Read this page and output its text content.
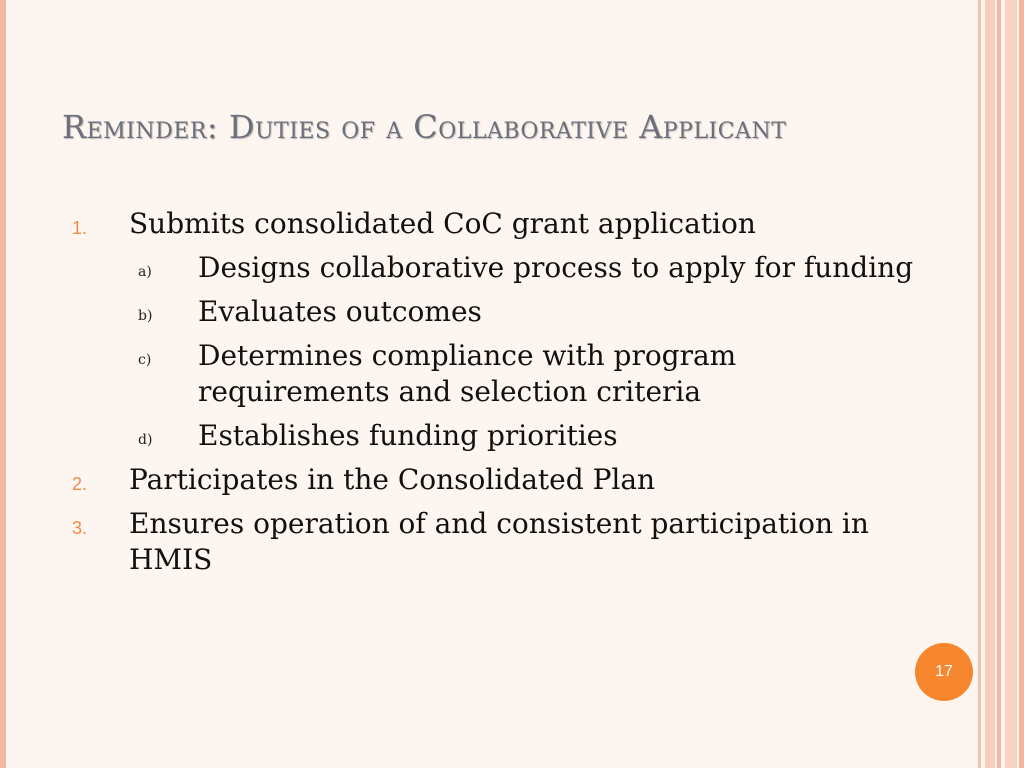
Reminder: Duties of a Collaborative Applicant
1. Submits consolidated CoC grant application
a) Designs collaborative process to apply for funding
b) Evaluates outcomes
c) Determines compliance with program requirements and selection criteria
d) Establishes funding priorities
2. Participates in the Consolidated Plan
3. Ensures operation of and consistent participation in HMIS
17
